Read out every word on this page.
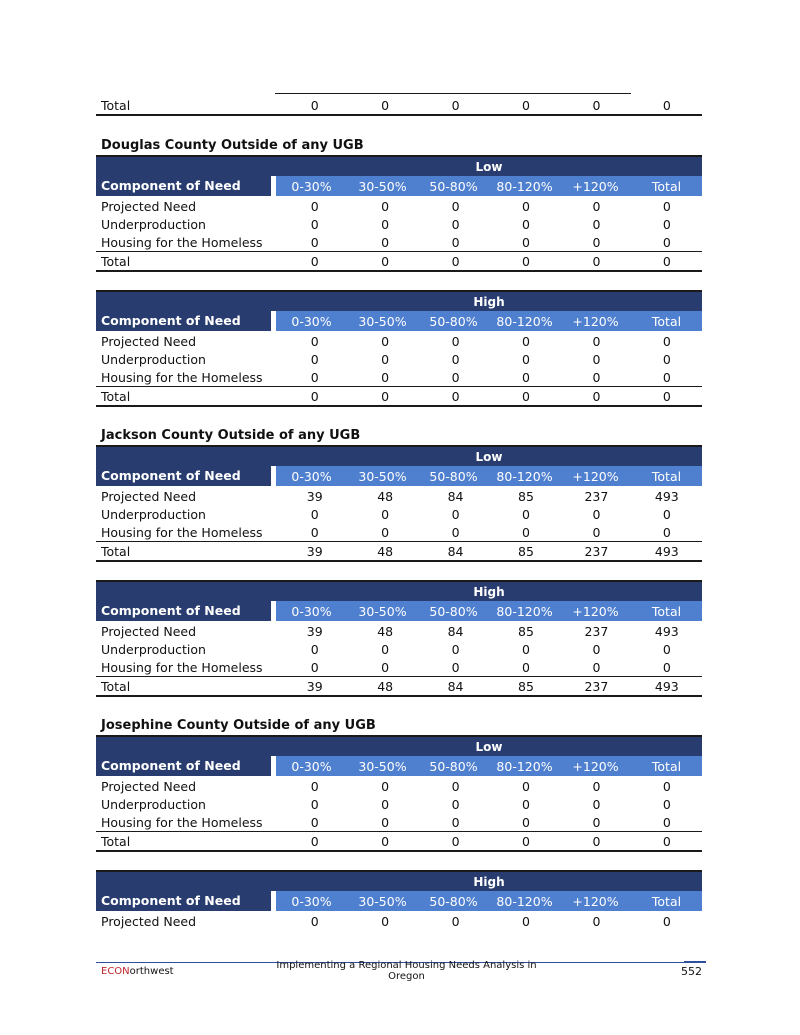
Total	0	0	0	0	0	0
Douglas County Outside of any UGB
Low
Component of Need	0-30%	30-50%	50-80%	80-120%	+120%	Total
Projected Need	0	0	0	0	0	0
Underproduction	0	0	0	0	0	0
Housing for the Homeless	0	0	0	0	0	0
Total	0	0	0	0	0	0
High
Component of Need	0-30%	30-50%	50-80%	80-120%	+120%	Total
Projected Need	0	0	0	0	0	0
Underproduction	0	0	0	0	0	0
Housing for the Homeless	0	0	0	0	0	0
Total	0	0	0	0	0	0
Jackson County Outside of any UGB
Low
Component of Need	0-30%	30-50%	50-80%	80-120%	+120%	Total
Projected Need	39	48	84	85	237	493
Underproduction	0	0	0	0	0	0
Housing for the Homeless	0	0	0	0	0	0
Total	39	48	84	85	237	493
High
Component of Need	0-30%	30-50%	50-80%	80-120%	+120%	Total
Projected Need	39	48	84	85	237	493
Underproduction	0	0	0	0	0	0
Housing for the Homeless	0	0	0	0	0	0
Total	39	48	84	85	237	493
Josephine County Outside of any UGB
Low
Component of Need	0-30%	30-50%	50-80%	80-120%	+120%	Total
Projected Need	0	0	0	0	0	0
Underproduction	0	0	0	0	0	0
Housing for the Homeless	0	0	0	0	0	0
Total	0	0	0	0	0	0
High
Component of Need	0-30%	30-50%	50-80%	80-120%	+120%	Total
Projected Need	0	0	0	0	0	0
ECONorthwest	Implementing a Regional Housing Needs Analysis in Oregon	552
